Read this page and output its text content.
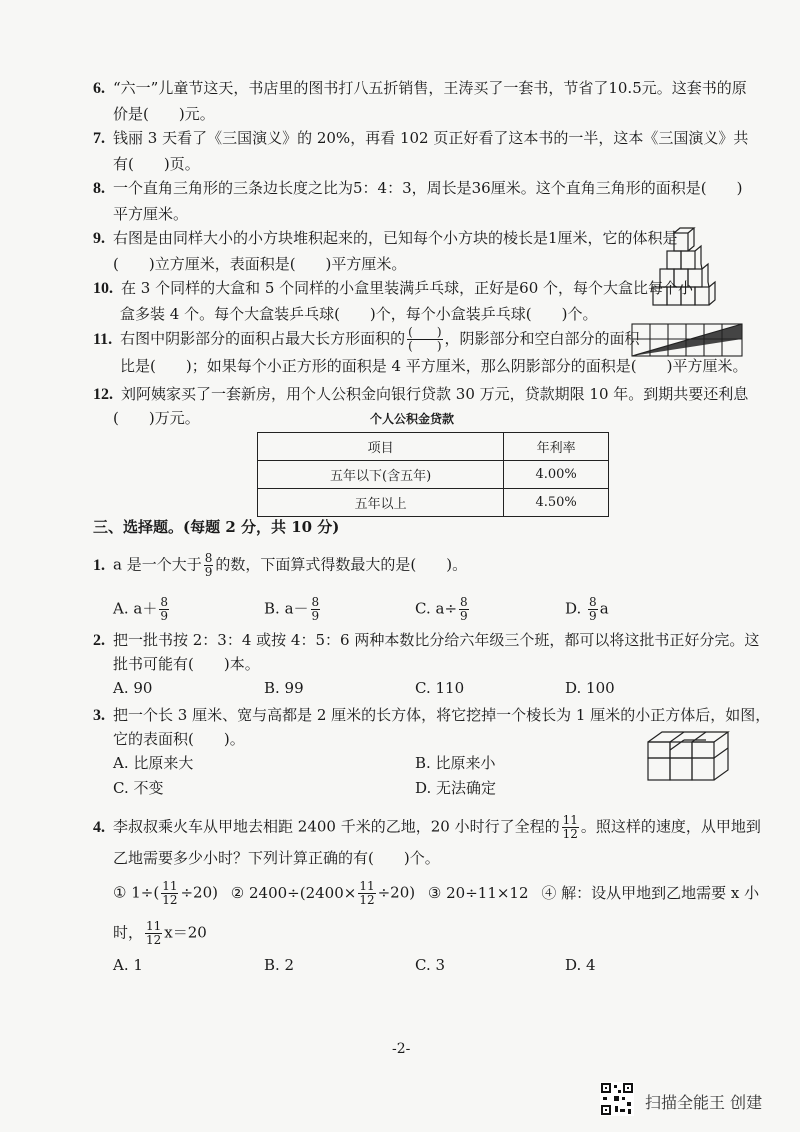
6. “六一”儿童节这天，书店里的图书打八五折销售，王涛买了一套书，节省了10.5元。这套书的原
价是(　　)元。
7. 钱丽 3 天看了《三国演义》的 20%，再看 102 页正好看了这本书的一半，这本《三国演义》共
有(　　)页。
8. 一个直角三角形的三条边长度之比为5：4：3，周长是36厘米。这个直角三角形的面积是(　　)
平方厘米。
9. 右图是由同样大小的小方块堆积起来的，已知每个小方块的棱长是1厘米，它的体积是
(　　)立方厘米，表面积是(　　)平方厘米。
10. 在 3 个同样的大盒和 5 个同样的小盒里装满乒乓球，正好是60 个，每个大盒比每个小
盒多装 4 个。每个大盒装乒乓球(　　)个，每个小盒装乒乓球(　　)个。
11. 右图中阴影部分的面积占最大长方形面积的 $\frac{( )}{( )}$ ，阴影部分和空白部分的面积
比是(　　)；如果每个小正方形的面积是 4 平方厘米，那么阴影部分的面积是(　　)平方厘米。
12. 刘阿姨家买了一套新房，用个人公积金向银行贷款 30 万元，贷款期限 10 年。到期共要还利息
(　　)万元。	个人公积金贷款
项目	年利率
五年以下(含五年)	4.00%
五年以上	4.50%
三、选择题。(每题 2 分，共 10 分)
1. a 是一个大于 $\frac{8}{9}$ 的数，下面算式得数最大的是(　　)。
A. $a+ \frac{8}{9}$	B. $a- \frac{8}{9}$	C. $a\div \frac{8}{9}$	D. $\frac{8}{9}$ a
2. 把一批书按 2：3：4 或按 4：5：6 两种本数比分给六年级三个班，都可以将这批书正好分完。这
批书可能有(　　)本。
A. 90	B. 99	C. 110	D. 100
3. 把一个长 3 厘米、宽与高都是 2 厘米的长方体，将它挖掉一个棱长为 1 厘米的小正方体后，如图，
它的表面积(　　)。
A. 比原来大	B. 比原来小
C. 不变	D. 无法确定
4. 李叔叔乘火车从甲地去相距 2400 千米的乙地，20 小时行了全程的 $\frac{11}{12}$ 。照这样的速度，从甲地到
乙地需要多少小时？下列计算正确的有(　　)个。
① $1\div( \frac{11}{12} \div 20)$ ② $2400\div(2400\times \frac{11}{12} \div 20)$ ③ 20÷11×12 ④ 解：设从甲地到乙地需要 x 小
时， $\frac{11}{12} x=20$
A. 1	B. 2	C. 3	D. 4
-2-
扫描全能王 创建
